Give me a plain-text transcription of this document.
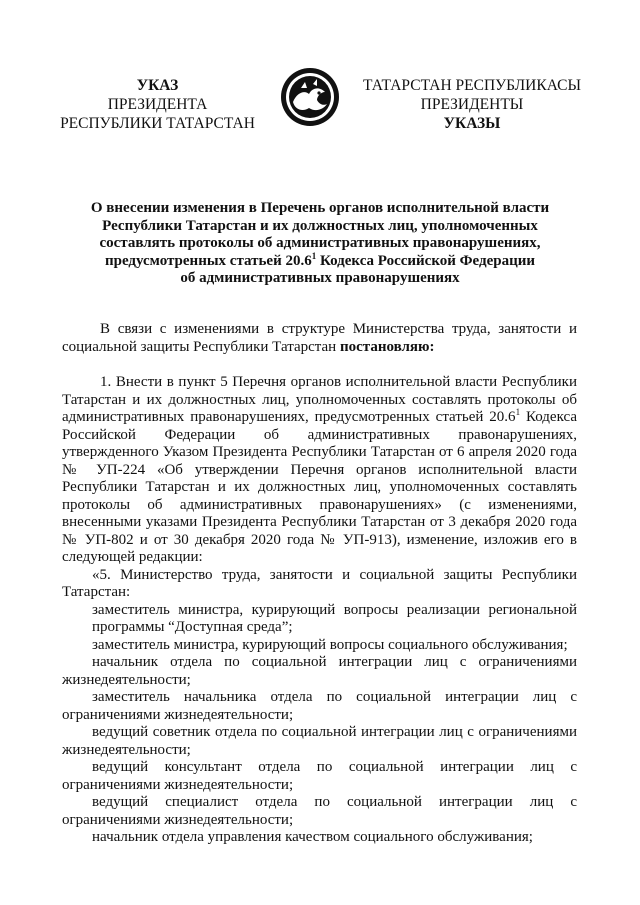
УКАЗ
ПРЕЗИДЕНТА
РЕСПУБЛИКИ ТАТАРСТАН
ТАТАРСТАН РЕСПУБЛИКАСЫ
ПРЕЗИДЕНТЫ
УКАЗЫ
О внесении изменения в Перечень органов исполнительной власти
Республики Татарстан и их должностных лиц, уполномоченных
составлять протоколы об административных правонарушениях,
предусмотренных статьей 20.6$^1$ Кодекса Российской Федерации
об административных правонарушениях

В связи с изменениями в структуре Министерства труда, занятости и социальной защиты Республики Татарстан постановляю:

1. Внести в пункт 5 Перечня органов исполнительной власти Республики Татарстан и их должностных лиц, уполномоченных составлять протоколы об административных правонарушениях, предусмотренных статьей 20.6$^1$ Кодекса Российской Федерации об административных правонарушениях, утвержденного Указом Президента Республики Татарстан от 6 апреля 2020 года № УП-224 «Об утверждении Перечня органов исполнительной власти Республики Татарстан и их должностных лиц, уполномоченных составлять протоколы об административных правонарушениях» (с изменениями, внесенными указами Президента Республики Татарстан от 3 декабря 2020 года № УП-802 и от 30 декабря 2020 года № УП-913), изменение, изложив его в следующей редакции:

«5. Министерство труда, занятости и социальной защиты Республики Татарстан:

заместитель министра, курирующий вопросы реализации региональной программы “Доступная среда”;

заместитель министра, курирующий вопросы социального обслуживания;

начальник отдела по социальной интеграции лиц с ограничениями жизнедеятельности;

заместитель начальника отдела по социальной интеграции лиц с ограничениями жизнедеятельности;

ведущий советник отдела по социальной интеграции лиц с ограничениями жизнедеятельности;

ведущий консультант отдела по социальной интеграции лиц с ограничениями жизнедеятельности;

ведущий специалист отдела по социальной интеграции лиц с ограничениями жизнедеятельности;

начальник отдела управления качеством социального обслуживания;
